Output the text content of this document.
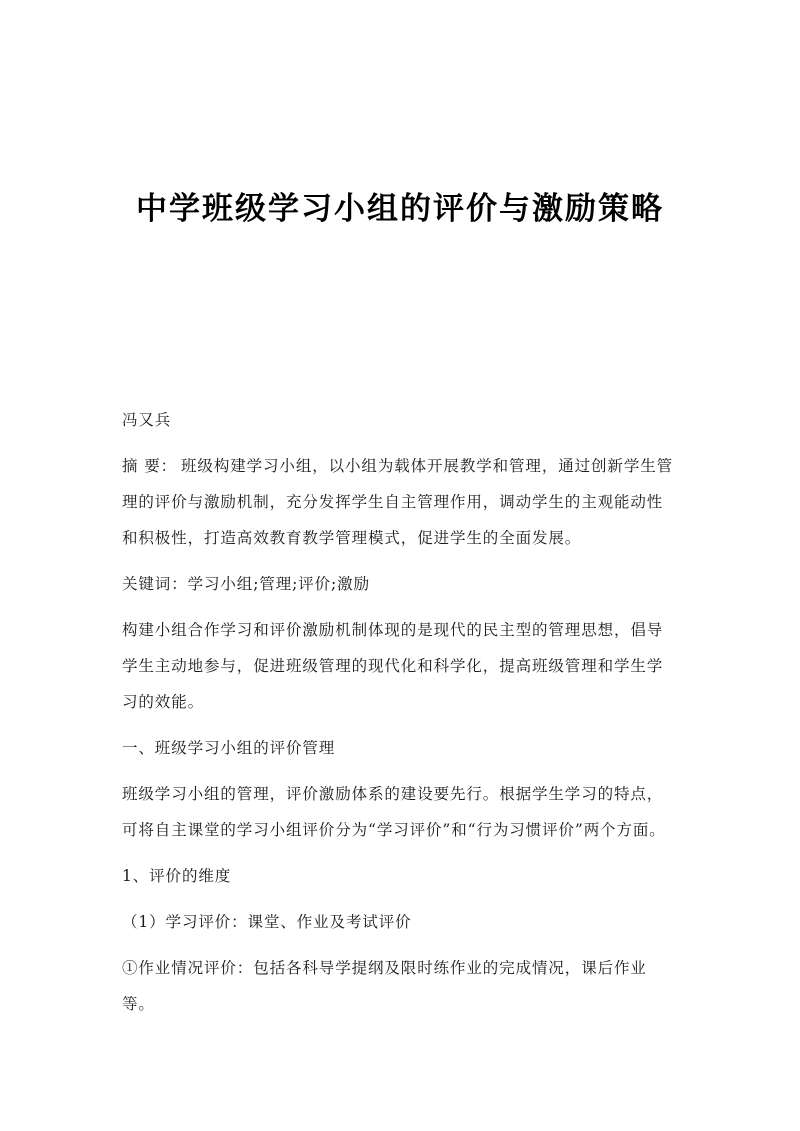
中学班级学习小组的评价与激励策略

冯又兵

摘 要： 班级构建学习小组，以小组为载体开展教学和管理，通过创新学生管理的评价与激励机制，充分发挥学生自主管理作用，调动学生的主观能动性和积极性，打造高效教育教学管理模式，促进学生的全面发展。

关键词：学习小组;管理;评价;激励

构建小组合作学习和评价激励机制体现的是现代的民主型的管理思想，倡导学生主动地参与，促进班级管理的现代化和科学化，提高班级管理和学生学习的效能。

一、班级学习小组的评价管理

班级学习小组的管理，评价激励体系的建设要先行。根据学生学习的特点，可将自主课堂的学习小组评价分为“学习评价”和“行为习惯评价”两个方面。

1、评价的维度

（1）学习评价：课堂、作业及考试评价

①作业情况评价：包括各科导学提纲及限时练作业的完成情况，课后作业等。
